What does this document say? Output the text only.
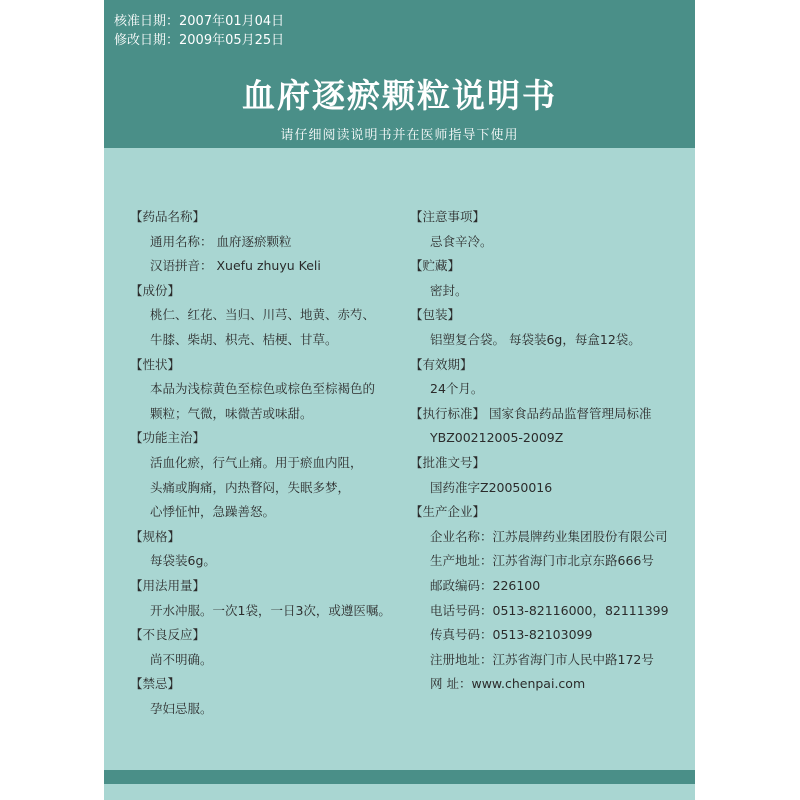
核准日期：2007年01月04日
修改日期：2009年05月25日
血府逐瘀颗粒说明书
请仔细阅读说明书并在医师指导下使用
【药品名称】
通用名称： 血府逐瘀颗粒
汉语拼音： Xuefu zhuyu Keli
【成份】
桃仁、红花、当归、川芎、地黄、赤芍、
牛膝、柴胡、枳壳、桔梗、甘草。
【性状】
本品为浅棕黄色至棕色或棕色至棕褐色的
颗粒；气微，味微苦或味甜。
【功能主治】
活血化瘀，行气止痛。用于瘀血内阻，
头痛或胸痛，内热瞀闷，失眠多梦，
心悸怔忡，急躁善怒。
【规格】
每袋装6g。
【用法用量】
开水冲服。一次1袋，一日3次，或遵医嘱。
【不良反应】
尚不明确。
【禁忌】
孕妇忌服。
【注意事项】
忌食辛冷。
【贮藏】
密封。
【包装】
铝塑复合袋。 每袋装6g，每盒12袋。
【有效期】
24个月。
【执行标准】 国家食品药品监督管理局标准
YBZ00212005-2009Z
【批准文号】
国药准字Z20050016
【生产企业】
企业名称：江苏晨牌药业集团股份有限公司
生产地址：江苏省海门市北京东路666号
邮政编码：226100
电话号码：0513-82116000，82111399
传真号码：0513-82103099
注册地址：江苏省海门市人民中路172号
网 址：www.chenpai.com
